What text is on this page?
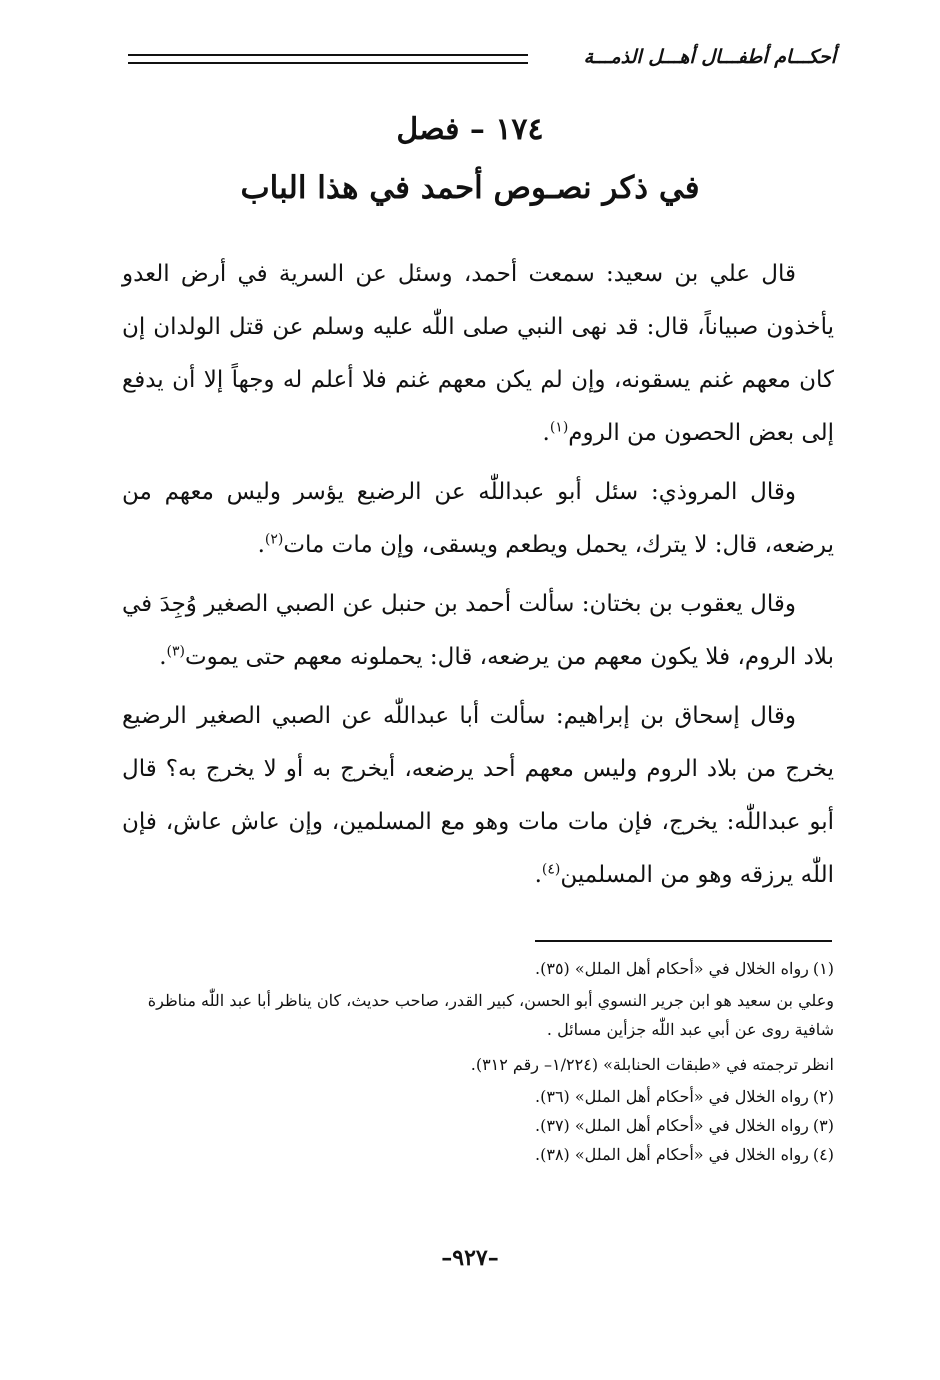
أحكـــام أطفـــال أهـــل الذمـــة
١٧٤ – فصل
في ذكر نصـوص أحمد في هذا الباب

قال علي بن سعيد: سمعت أحمد، وسئل عن السرية في أرض العدو يأخذون صبياناً، قال: قد نهى النبي صلى اللّٰه عليه وسلم عن قتل الولدان إن كان معهم غنم يسقونه، وإن لم يكن معهم غنم فلا أعلم له وجهاً إلا أن يدفع إلى بعض الحصون من الروم$^{(١)}$.

وقال المروذي: سئل أبو عبداللّٰه عن الرضيع يؤسر وليس معهم من يرضعه، قال: لا يترك، يحمل ويطعم ويسقى، وإن مات مات$^{(٢)}$.

وقال يعقوب بن بختان: سألت أحمد بن حنبل عن الصبي الصغير وُجِدَ في بلاد الروم، فلا يكون معهم من يرضعه، قال: يحملونه معهم حتى يموت$^{(٣)}$.

وقال إسحاق بن إبراهيم: سألت أبا عبداللّٰه عن الصبي الصغير الرضيع يخرج من بلاد الروم وليس معهم أحد يرضعه، أيخرج به أو لا يخرج به؟ قال أبو عبداللّٰه: يخرج، فإن مات مات وهو مع المسلمين، وإن عاش عاش، فإن اللّٰه يرزقه وهو من المسلمين$^{(٤)}$.

(١)رواه الخلال في «أحكام أهل الملل» (٣٥).
وعلي بن سعيد هو ابن جرير النسوي أبو الحسن، كبير القدر، صاحب حديث، كان يناظر أبا عبد اللّٰه مناظرة شافية روى عن أبي عبد اللّٰه جزأين مسائل .
انظر ترجمته في «طبقات الحنابلة» (١/٢٢٤– رقم ٣١٢).
(٢)رواه الخلال في «أحكام أهل الملل» (٣٦).
(٣)رواه الخلال في «أحكام أهل الملل» (٣٧).
(٤)رواه الخلال في «أحكام أهل الملل» (٣٨).
–٩٢٧–
